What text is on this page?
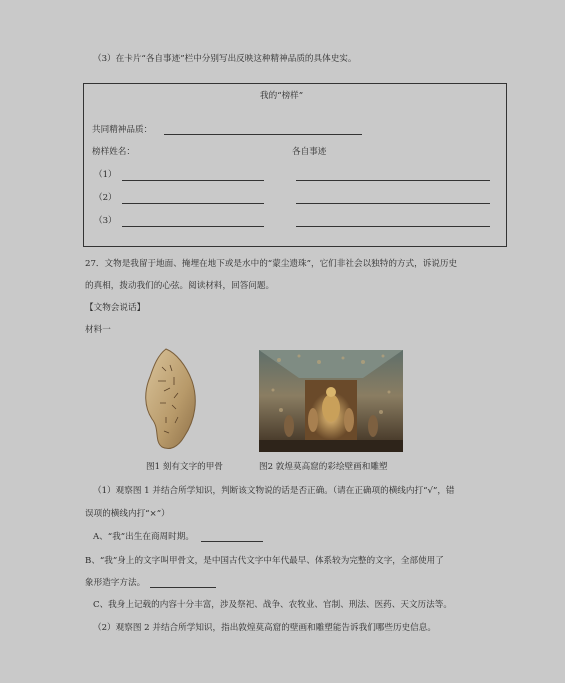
（3）在卡片“各自事迹”栏中分别写出反映这种精神品质的具体史实。
我的“榜样”
共同精神品质：
榜样姓名：	各自事迹
（1）
（2）
（3）
27．文物是我留于地面、掩埋在地下或是水中的“蒙尘遗珠”，它们非社会以独特的方式，诉说历史
的真相，拨动我们的心弦。阅读材料，回答问题。
【文物会说话】
材料一
图1 刻有文字的甲骨	图2 敦煌莫高窟的彩绘壁画和雕塑
（1）观察图 1 并结合所学知识，判断该文物说的话是否正确。（请在正确项的横线内打“√”，错
误项的横线内打“×”）
A、“我”出生在商周时期。
B、“我”身上的文字叫甲骨文，是中国古代文字中年代最早、体系较为完整的文字，全部使用了
象形造字方法。
C、我身上记载的内容十分丰富，涉及祭祀、战争、农牧业、官制、刑法、医药、天文历法等。
（2）观察图 2 并结合所学知识，指出敦煌莫高窟的壁画和雕塑能告诉我们哪些历史信息。
